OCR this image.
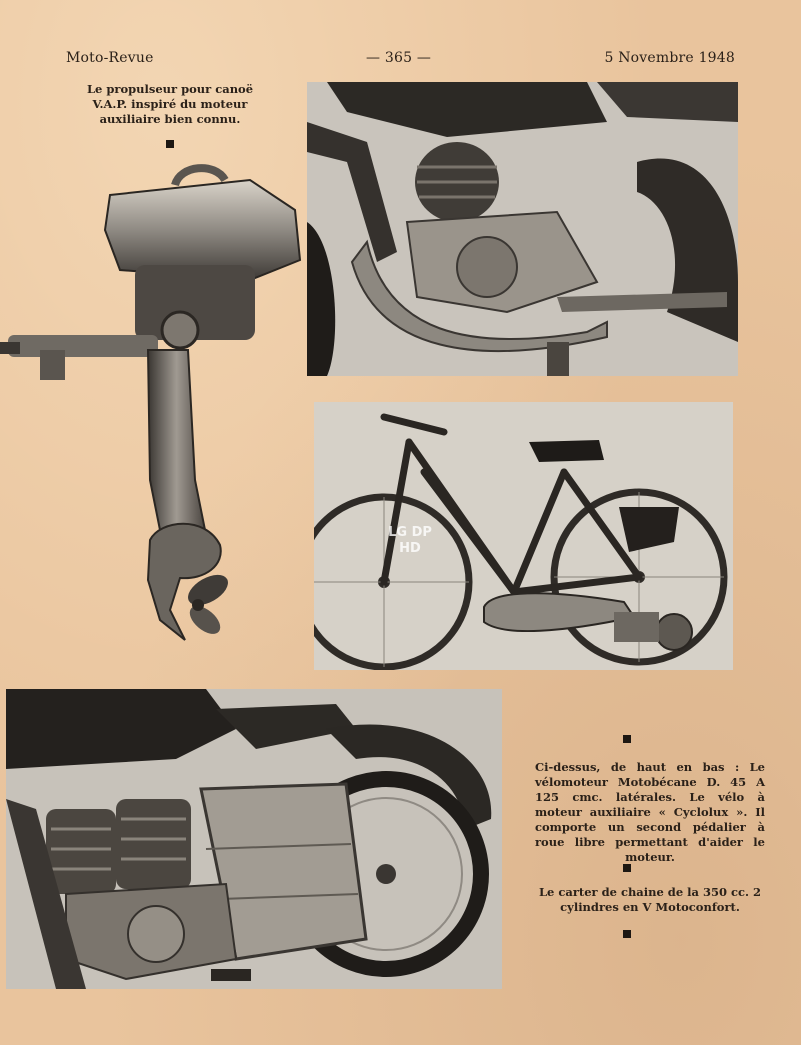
Moto-Revue	— 365 —	5 Novembre 1948
Le propulseur pour canoë V.A.P. inspiré du moteur auxiliaire bien connu.
LG DP HD
Ci-dessus, de haut en bas : Le vélomoteur Motobécane D. 45 A 125 cmc. latérales. Le vélo à moteur auxiliaire « Cyclolux ». Il comporte un second pédalier à roue libre permettant d'aider le moteur.
Le carter de chaine de la 350 cc. 2 cylindres en V Motoconfort.
